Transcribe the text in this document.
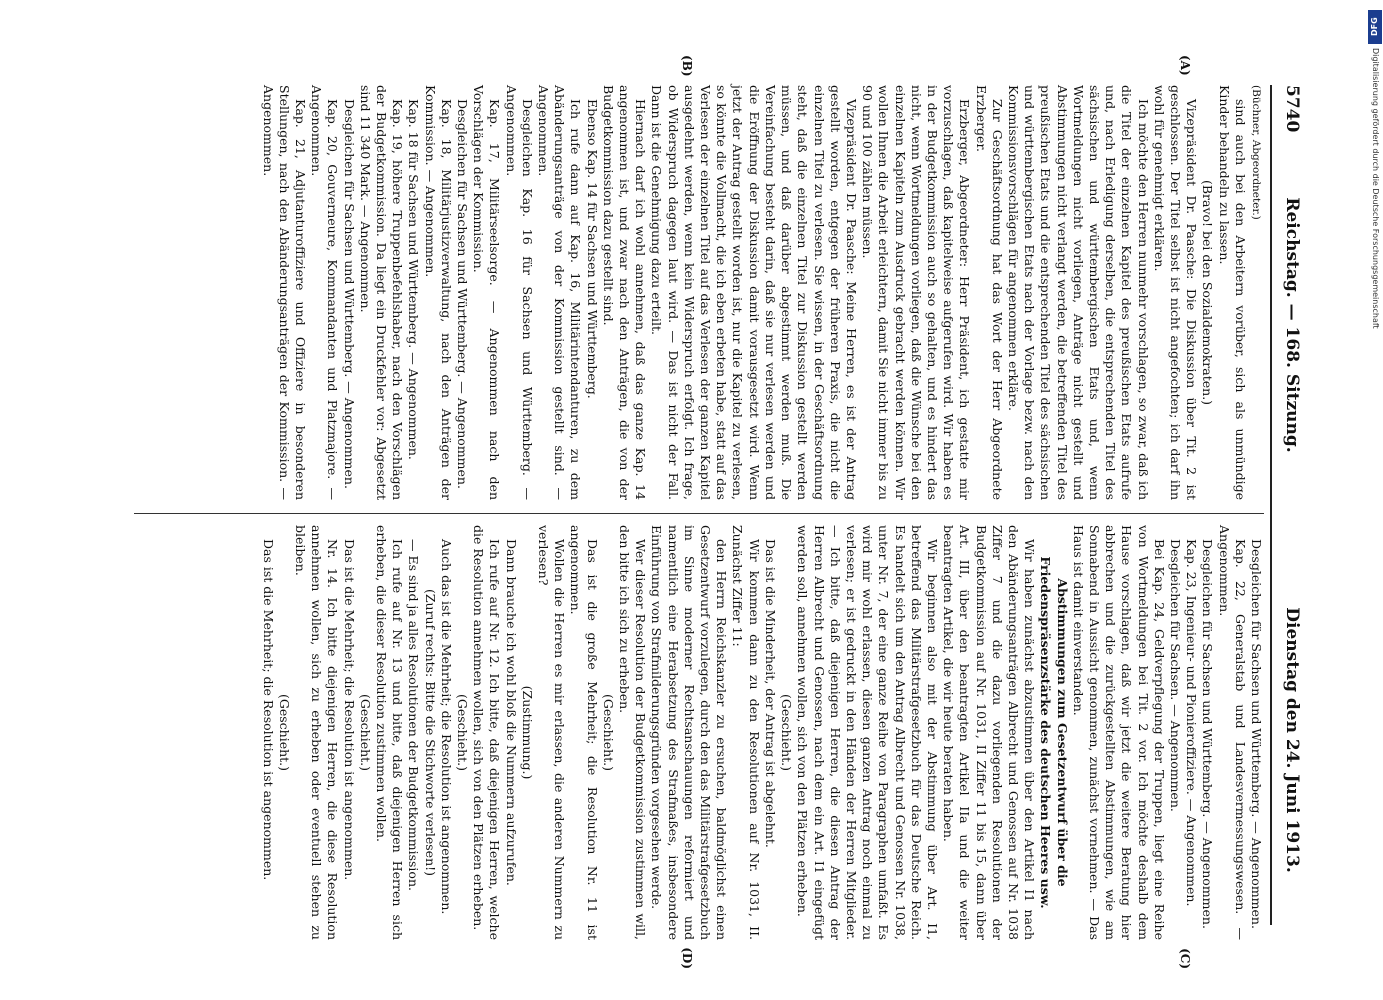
5740
Reichstag. — 168. Sitzung.
Dienstag den 24. Juni 1913.

(Büchner, Abgeordneter.)

sind auch bei den Arbeitern vorüber, sich als unmündige Kinder behandeln zu lassen.

(Bravo! bei den Sozialdemokraten.)

Vizepräsident Dr. Paasche: Die Diskussion über Tit. 2 ist geschlossen. Der Titel selbst ist nicht angefochten; ich darf ihn wohl für genehmigt erklären.

Ich möchte den Herren nunmehr vorschlagen, so zwar, daß ich die Titel der einzelnen Kapitel des preußischen Etats aufrufe und, nach Erledigung derselben, die entsprechenden Titel des sächsischen und württembergischen Etats und, wenn Wortmeldungen nicht vorliegen, Anträge nicht gestellt und Abstimmungen nicht verlangt werden, die betreffenden Titel des preußischen Etats und die entsprechenden Titel des sächsischen und württembergischen Etats nach der Vorlage bezw. nach den Kommissionsvorschlägen für angenommen erkläre.

Zur Geschäftsordnung hat das Wort der Herr Abgeordnete Erzberger.

Erzberger, Abgeordneter: Herr Präsident, ich gestatte mir vorzuschlagen, daß kapitelweise aufgerufen wird. Wir haben es in der Budgetkommission auch so gehalten, und es hindert das nicht, wenn Wortmeldungen vorliegen, daß die Wünsche bei den einzelnen Kapiteln zum Ausdruck gebracht werden können. Wir wollen Ihnen die Arbeit erleichtern, damit Sie nicht immer bis zu 90 und 100 zählen müssen.

Vizepräsident Dr. Paasche: Meine Herren, es ist der Antrag gestellt worden, entgegen der früheren Praxis, die nicht die einzelnen Titel zu verlesen. Sie wissen, in der Geschäftsordnung steht, daß die einzelnen Titel zur Diskussion gestellt werden müssen, und daß darüber abgestimmt werden muß. Die Vereinfachung besteht darin, daß sie nur verlesen werden und die Eröffnung der Diskussion damit vorausgesetzt wird. Wenn jetzt der Antrag gestellt worden ist, nur die Kapitel zu verlesen, so könnte die Vollmacht, die ich eben erbeten habe, statt auf das Verlesen der einzelnen Titel auf das Verlesen der ganzen Kapitel ausgedehnt werden, wenn kein Widerspruch erfolgt. Ich frage, ob Widerspruch dagegen laut wird. — Das ist nicht der Fall. Dann ist die Genehmigung dazu erteilt.

Hiernach darf ich wohl annehmen, daß das ganze Kap. 14 angenommen ist, und zwar nach den Anträgen, die von der Budgetkommission dazu gestellt sind.

Ebenso Kap. 14 für Sachsen und Württemberg.

Ich rufe dann auf Kap. 16, Militärintendanturen, zu dem Abänderungsanträge von der Kommission gestellt sind. — Angenommen.

Desgleichen Kap. 16 für Sachsen und Württemberg. — Angenommen.

Kap. 17, Militärseelsorge. — Angenommen nach den Vorschlägen der Kommission.

Desgleichen für Sachsen und Württemberg. — Angenommen.

Kap. 18, Militärjustizverwaltung, nach den Anträgen der Kommission. — Angenommen.

Kap. 18 für Sachsen und Württemberg. — Angenommen.

Kap. 19, höhere Truppenbefehlshaber, nach den Vorschlägen der Budgetkommission. Da liegt ein Druckfehler vor: Abgesetzt sind 11 340 Mark. — Angenommen.

Desgleichen für Sachsen und Württemberg. — Angenommen.

Kap. 20, Gouverneure, Kommandanten und Platzmajore. — Angenommen.

Kap. 21, Adjutanturoffiziere und Offiziere in besonderen Stellungen, nach den Abänderungsanträgen der Kommission. — Angenommen.

Desgleichen für Sachsen und Württemberg. — Angenommen.

Kap. 22, Generalstab und Landesvermessungswesen. — Angenommen.

Desgleichen für Sachsen und Württemberg. — Angenommen.

Kap. 23, Ingenieur- und Pionieroffiziere. — Angenommen.

Desgleichen für Sachsen. — Angenommen.

Bei Kap. 24, Geldverpflegung der Truppen, liegt eine Reihe von Wortmeldungen bei Tit. 2 vor. Ich möchte deshalb dem Hause vorschlagen, daß wir jetzt die weitere Beratung hier abbrechen und die zurückgestellten Abstimmungen, wie am Sonnabend in Aussicht genommen, zunächst vornehmen. — Das Haus ist damit einverstanden.

Abstimmungen zum Gesetzentwurf über die Friedenspräsenzstärke des deutschen Heeres usw.

Wir haben zunächst abzustimmen über den Artikel I1 nach den Abänderungsanträgen Albrecht und Genossen auf Nr. 1038 Ziffer 7 und die dazu vorliegenden Resolutionen der Budgetkommission auf Nr. 1031, II Ziffer 11 bis 15, dann über Art. III, über den beantragten Artikel IIa und die weiter beantragten Artikel, die wir heute beraten haben.

Wir beginnen also mit der Abstimmung über Art. I1, betreffend das Militärstrafgesetzbuch für das Deutsche Reich. Es handelt sich um den Antrag Albrecht und Genossen Nr. 1038, unter Nr. 7, der eine ganze Reihe von Paragraphen umfaßt. Es wird mir wohl erlassen, diesen ganzen Antrag noch einmal zu verlesen; er ist gedruckt in den Händen der Herren Mitglieder. — Ich bitte, daß diejenigen Herren, die diesen Antrag der Herren Albrecht und Genossen, nach dem ein Art. I1 eingefügt werden soll, annehmen wollen, sich von den Plätzen erheben.

(Geschieht.)

Das ist die Minderheit, der Antrag ist abgelehnt.

Wir kommen dann zu den Resolutionen auf Nr. 1031, II. Zunächst Ziffer 11:

den Herrn Reichskanzler zu ersuchen, baldmöglichst einen Gesetzentwurf vorzulegen, durch den das Militärstrafgesetzbuch im Sinne moderner Rechtsanschauungen reformiert und namentlich eine Herabsetzung des Strafmaßes, insbesondere Einführung von Strafmilderungsgründen vorgesehen werde.

Wer dieser Resolution der Budgetkommission zustimmen will, den bitte ich sich zu erheben.

(Geschieht.)

Das ist die große Mehrheit; die Resolution Nr. 11 ist angenommen.

Wollen die Herren es mir erlassen, die anderen Nummern zu verlesen?

(Zustimmung.)

Dann brauche ich wohl bloß die Nummern aufzurufen.

Ich rufe auf Nr. 12. Ich bitte, daß diejenigen Herren, welche die Resolution annehmen wollen, sich von den Plätzen erheben.

(Geschieht.)

Auch das ist die Mehrheit; die Resolution ist angenommen.

(Zuruf rechts: Bitte die Stichworte verlesen!)

— Es sind ja alles Resolutionen der Budgetkommission.

Ich rufe auf Nr. 13 und bitte, daß diejenigen Herren sich erheben, die dieser Resolution zustimmen wollen.

(Geschieht.)

Das ist die Mehrheit; die Resolution ist angenommen.

Nr. 14. Ich bitte diejenigen Herren, die diese Resolution annehmen wollen, sich zu erheben oder eventuell stehen zu bleiben.

(Geschieht.)

Das ist die Mehrheit; die Resolution ist angenommen.

(A)
(B)
(C)
(D)
DFG
Digitalisierung gefördert durch die Deutsche Forschungsgemeinschaft
